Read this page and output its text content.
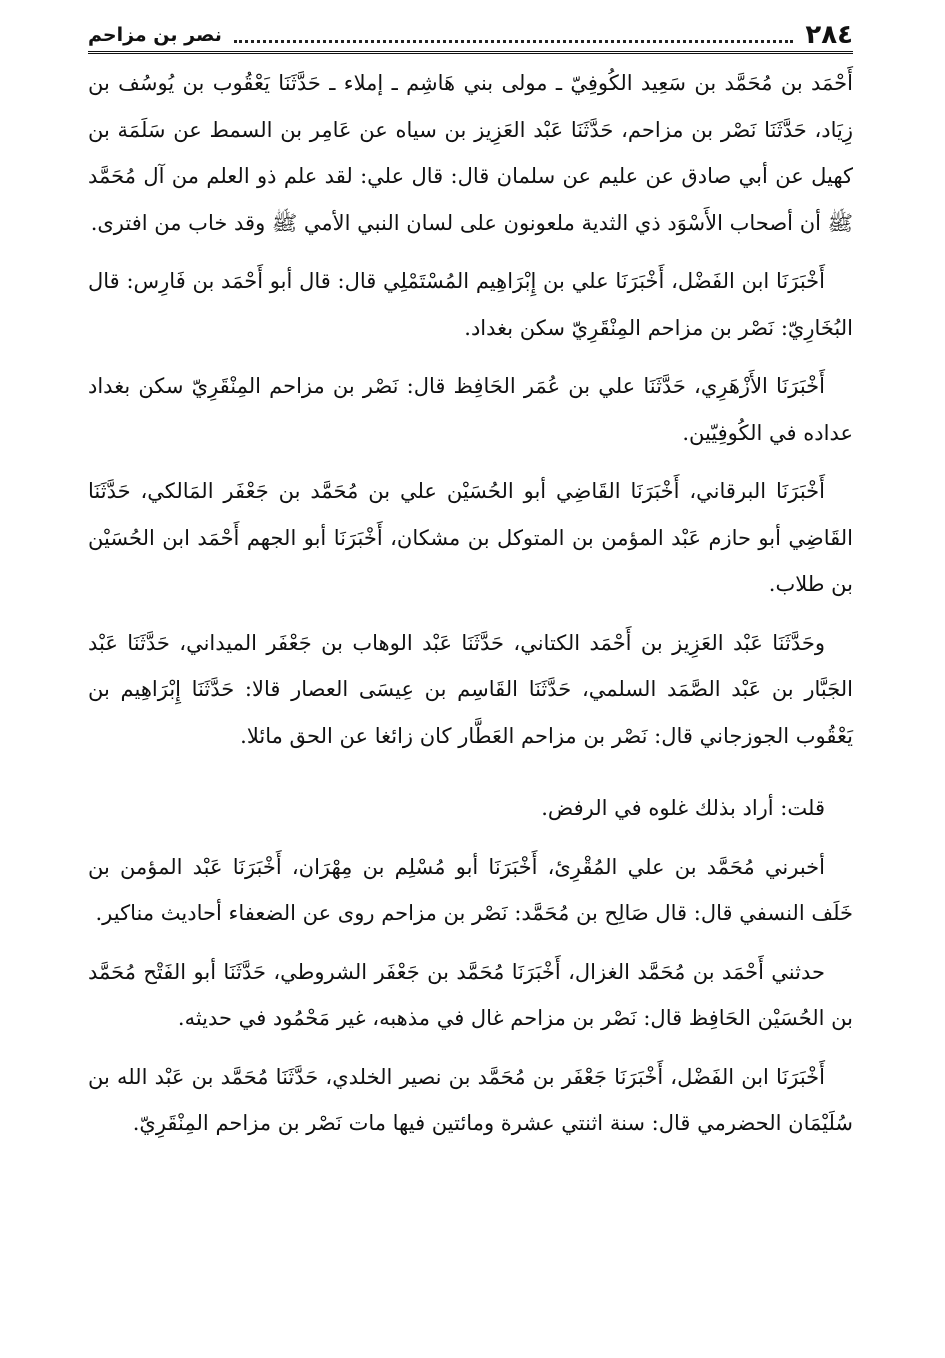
٢٨٤
نصر بن مزاحم

أَحْمَد بن مُحَمَّد بن سَعِيد الكُوفِيّ ـ مولى بني هَاشِم ـ إملاء ـ حَدَّثَنَا يَعْقُوب بن يُوسُف بن زِيَاد، حَدَّثَنَا نَصْر بن مزاحم، حَدَّثَنَا عَبْد العَزِيز بن سياه عن عَامِر بن السمط عن سَلَمَة بن كهيل عن أبي صادق عن عليم عن سلمان قال: قال علي: لقد علم ذو العلم من آل مُحَمَّد ﷺ أن أصحاب الأَسْوَد ذي الثدية ملعونون على لسان النبي الأمي ﷺ وقد خاب من افترى.

أَخْبَرَنَا ابن الفَضْل، أَخْبَرَنَا علي بن إِبْرَاهِيم المُسْتَمْلِي قال: قال أبو أَحْمَد بن فَارِس: قال البُخَارِيّ: نَصْر بن مزاحم المِنْقَرِيّ سكن بغداد.

أَخْبَرَنَا الأَزْهَرِي، حَدَّثَنَا علي بن عُمَر الحَافِظ قال: نَصْر بن مزاحم المِنْقَرِيّ سكن بغداد عداده في الكُوفِيّين.

أَخْبَرَنَا البرقاني، أَخْبَرَنَا القَاضِي أبو الحُسَيْن علي بن مُحَمَّد بن جَعْفَر المَالكي، حَدَّثَنَا القَاضِي أبو حازم عَبْد المؤمن بن المتوكل بن مشكان، أَخْبَرَنَا أبو الجهم أَحْمَد ابن الحُسَيْن بن طلاب.

وحَدَّثَنَا عَبْد العَزِيز بن أَحْمَد الكتاني، حَدَّثَنَا عَبْد الوهاب بن جَعْفَر الميداني، حَدَّثَنَا عَبْد الجَبَّار بن عَبْد الصَّمَد السلمي، حَدَّثَنَا القَاسِم بن عِيسَى العصار قالا: حَدَّثَنَا إِبْرَاهِيم بن يَعْقُوب الجوزجاني قال: نَصْر بن مزاحم العَطَّار كان زائغا عن الحق مائلا.

قلت: أراد بذلك غلوه في الرفض.

أخبرني مُحَمَّد بن علي المُقْرِئ، أَخْبَرَنَا أبو مُسْلِم بن مِهْرَان، أَخْبَرَنَا عَبْد المؤمن بن خَلَف النسفي قال: قال صَالِح بن مُحَمَّد: نَصْر بن مزاحم روى عن الضعفاء أحاديث مناكير.

حدثني أَحْمَد بن مُحَمَّد الغزال، أَخْبَرَنَا مُحَمَّد بن جَعْفَر الشروطي، حَدَّثَنَا أبو الفَتْح مُحَمَّد بن الحُسَيْن الحَافِظ قال: نَصْر بن مزاحم غال في مذهبه، غير مَحْمُود في حديثه.

أَخْبَرَنَا ابن الفَضْل، أَخْبَرَنَا جَعْفَر بن مُحَمَّد بن نصير الخلدي، حَدَّثَنَا مُحَمَّد بن عَبْد الله بن سُلَيْمَان الحضرمي قال: سنة اثنتي عشرة ومائتين فيها مات نَصْر بن مزاحم المِنْقَرِيّ.
